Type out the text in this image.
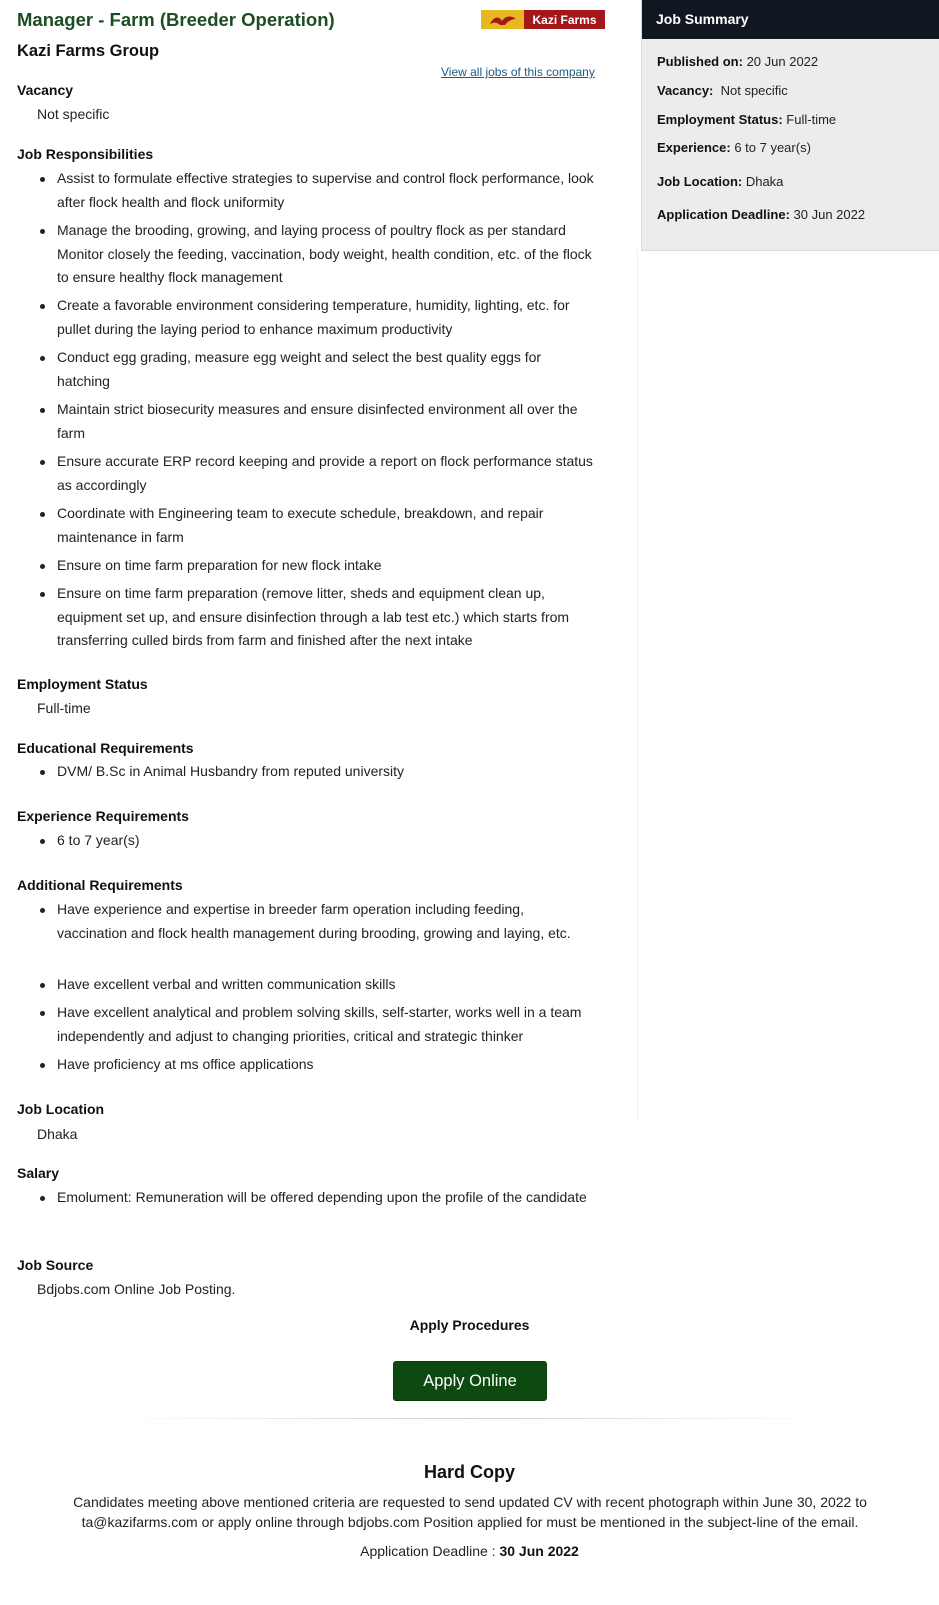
Manager - Farm (Breeder Operation)	Kazi Farms
Kazi Farms Group
View all jobs of this company
Vacancy
Not specific
Job Responsibilities
Assist to formulate effective strategies to supervise and control flock performance, look after flock health and flock uniformity
Manage the brooding, growing, and laying process of poultry flock as per standard Monitor closely the feeding, vaccination, body weight, health condition, etc. of the flock to ensure healthy flock management
Create a favorable environment considering temperature, humidity, lighting, etc. for pullet during the laying period to enhance maximum productivity
Conduct egg grading, measure egg weight and select the best quality eggs for hatching
Maintain strict biosecurity measures and ensure disinfected environment all over the farm
Ensure accurate ERP record keeping and provide a report on flock performance status as accordingly
Coordinate with Engineering team to execute schedule, breakdown, and repair maintenance in farm
Ensure on time farm preparation for new flock intake
Ensure on time farm preparation (remove litter, sheds and equipment clean up, equipment set up, and ensure disinfection through a lab test etc.) which starts from transferring culled birds from farm and finished after the next intake
Employment Status
Full-time
Educational Requirements
DVM/ B.Sc in Animal Husbandry from reputed university
Experience Requirements
6 to 7 year(s)
Additional Requirements
Have experience and expertise in breeder farm operation including feeding, vaccination and flock health management during brooding, growing and laying, etc.
Have excellent verbal and written communication skills
Have excellent analytical and problem solving skills, self-starter, works well in a team independently and adjust to changing priorities, critical and strategic thinker
Have proficiency at ms office applications
Job Location
Dhaka
Salary
Emolument: Remuneration will be offered depending upon the profile of the candidate
Job Source
Bdjobs.com Online Job Posting.
Apply Procedures
Apply Online
Hard Copy
Candidates meeting above mentioned criteria are requested to send updated CV with recent photograph within June 30, 2022 to ta@kazifarms.com or apply online through bdjobs.com Position applied for must be mentioned in the subject-line of the email.
Application Deadline : 30 Jun 2022
Job Summary
Published on: 20 Jun 2022
Vacancy:  Not specific
Employment Status: Full-time
Experience: 6 to 7 year(s)
Job Location: Dhaka
Application Deadline: 30 Jun 2022
